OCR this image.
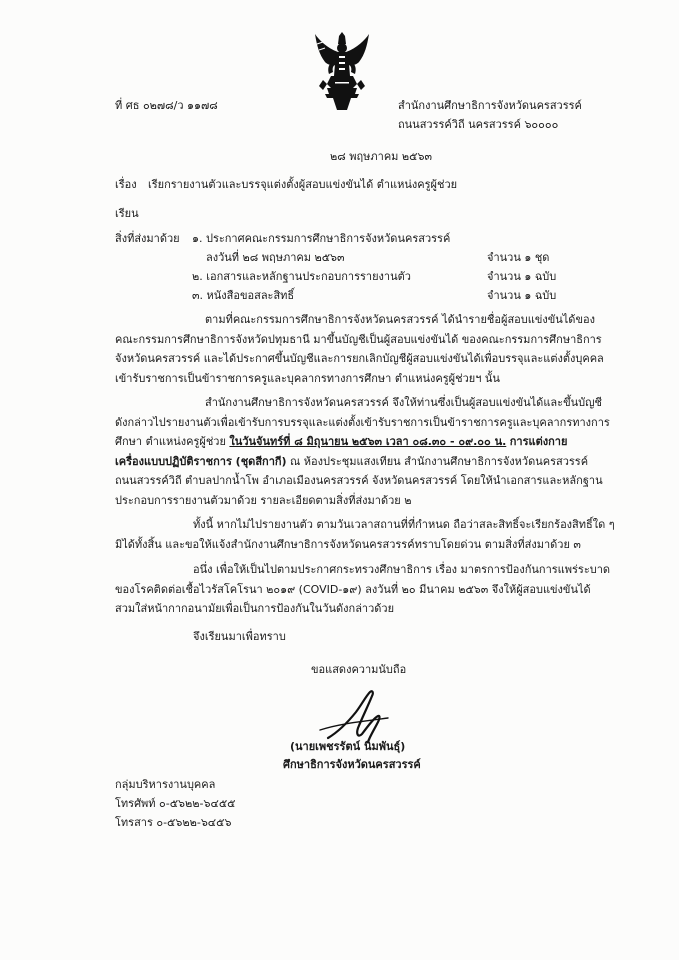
ที่ ศธ ๐๒๗๘/ว ๑๑๗๘	สำนักงานศึกษาธิการจังหวัดนครสวรรค์
ถนนสวรรค์วิถี นครสวรรค์ ๖๐๐๐๐
๒๘ พฤษภาคม ๒๕๖๓
เรื่อง เรียกรายงานตัวและบรรจุแต่งตั้งผู้สอบแข่งขันได้ ตำแหน่งครูผู้ช่วย
เรียน
สิ่งที่ส่งมาด้วย ๑. ประกาศคณะกรรมการศึกษาธิการจังหวัดนครสวรรค์
ลงวันที่ ๒๘ พฤษภาคม ๒๕๖๓	จำนวน ๑ ชุด
๒. เอกสารและหลักฐานประกอบการรายงานตัว	จำนวน ๑ ฉบับ
๓. หนังสือขอสละสิทธิ์	จำนวน ๑ ฉบับ
ตามที่คณะกรรมการศึกษาธิการจังหวัดนครสวรรค์ ได้นำรายชื่อผู้สอบแข่งขันได้ของ
คณะกรรมการศึกษาธิการจังหวัดปทุมธานี มาขึ้นบัญชีเป็นผู้สอบแข่งขันได้ ของคณะกรรมการศึกษาธิการ
จังหวัดนครสวรรค์ และได้ประกาศขึ้นบัญชีและการยกเลิกบัญชีผู้สอบแข่งขันได้เพื่อบรรจุและแต่งตั้งบุคคล
เข้ารับราชการเป็นข้าราชการครูและบุคลากรทางการศึกษา ตำแหน่งครูผู้ช่วยฯ นั้น
สำนักงานศึกษาธิการจังหวัดนครสวรรค์ จึงให้ท่านซึ่งเป็นผู้สอบแข่งขันได้และขึ้นบัญชี
ดังกล่าวไปรายงานตัวเพื่อเข้ารับการบรรจุและแต่งตั้งเข้ารับราชการเป็นข้าราชการครูและบุคลากรทางการ
ศึกษา ตำแหน่งครูผู้ช่วย ในวันจันทร์ที่ ๘ มิถุนายน ๒๕๖๓ เวลา ๐๘.๓๐ - ๐๙.๐๐ น. การแต่งกาย
เครื่องแบบปฏิบัติราชการ (ชุดสีกากี) ณ ห้องประชุมแสงเทียน สำนักงานศึกษาธิการจังหวัดนครสวรรค์
ถนนสวรรค์วิถี ตำบลปากน้ำโพ อำเภอเมืองนครสวรรค์ จังหวัดนครสวรรค์ โดยให้นำเอกสารและหลักฐาน
ประกอบการรายงานตัวมาด้วย รายละเอียดตามสิ่งที่ส่งมาด้วย ๒
ทั้งนี้ หากไม่ไปรายงานตัว ตามวันเวลาสถานที่ที่กำหนด ถือว่าสละสิทธิ์จะเรียกร้องสิทธิ์ใด ๆ
มิได้ทั้งสิ้น และขอให้แจ้งสำนักงานศึกษาธิการจังหวัดนครสวรรค์ทราบโดยด่วน ตามสิ่งที่ส่งมาด้วย ๓
อนึ่ง เพื่อให้เป็นไปตามประกาศกระทรวงศึกษาธิการ เรื่อง มาตรการป้องกันการแพร่ระบาด
ของโรคติดต่อเชื้อไวรัสโคโรนา ๒๐๑๙ (COVID-๑๙) ลงวันที่ ๒๐ มีนาคม ๒๕๖๓ จึงให้ผู้สอบแข่งขันได้
สวมใส่หน้ากากอนามัยเพื่อเป็นการป้องกันในวันดังกล่าวด้วย
จึงเรียนมาเพื่อทราบ
ขอแสดงความนับถือ
(นายเพชรรัตน์ นิ่มพันธุ์)
ศึกษาธิการจังหวัดนครสวรรค์
กลุ่มบริหารงานบุคคล
โทรศัพท์ ๐-๕๖๒๒-๖๔๕๕
โทรสาร ๐-๕๖๒๒-๖๔๕๖
